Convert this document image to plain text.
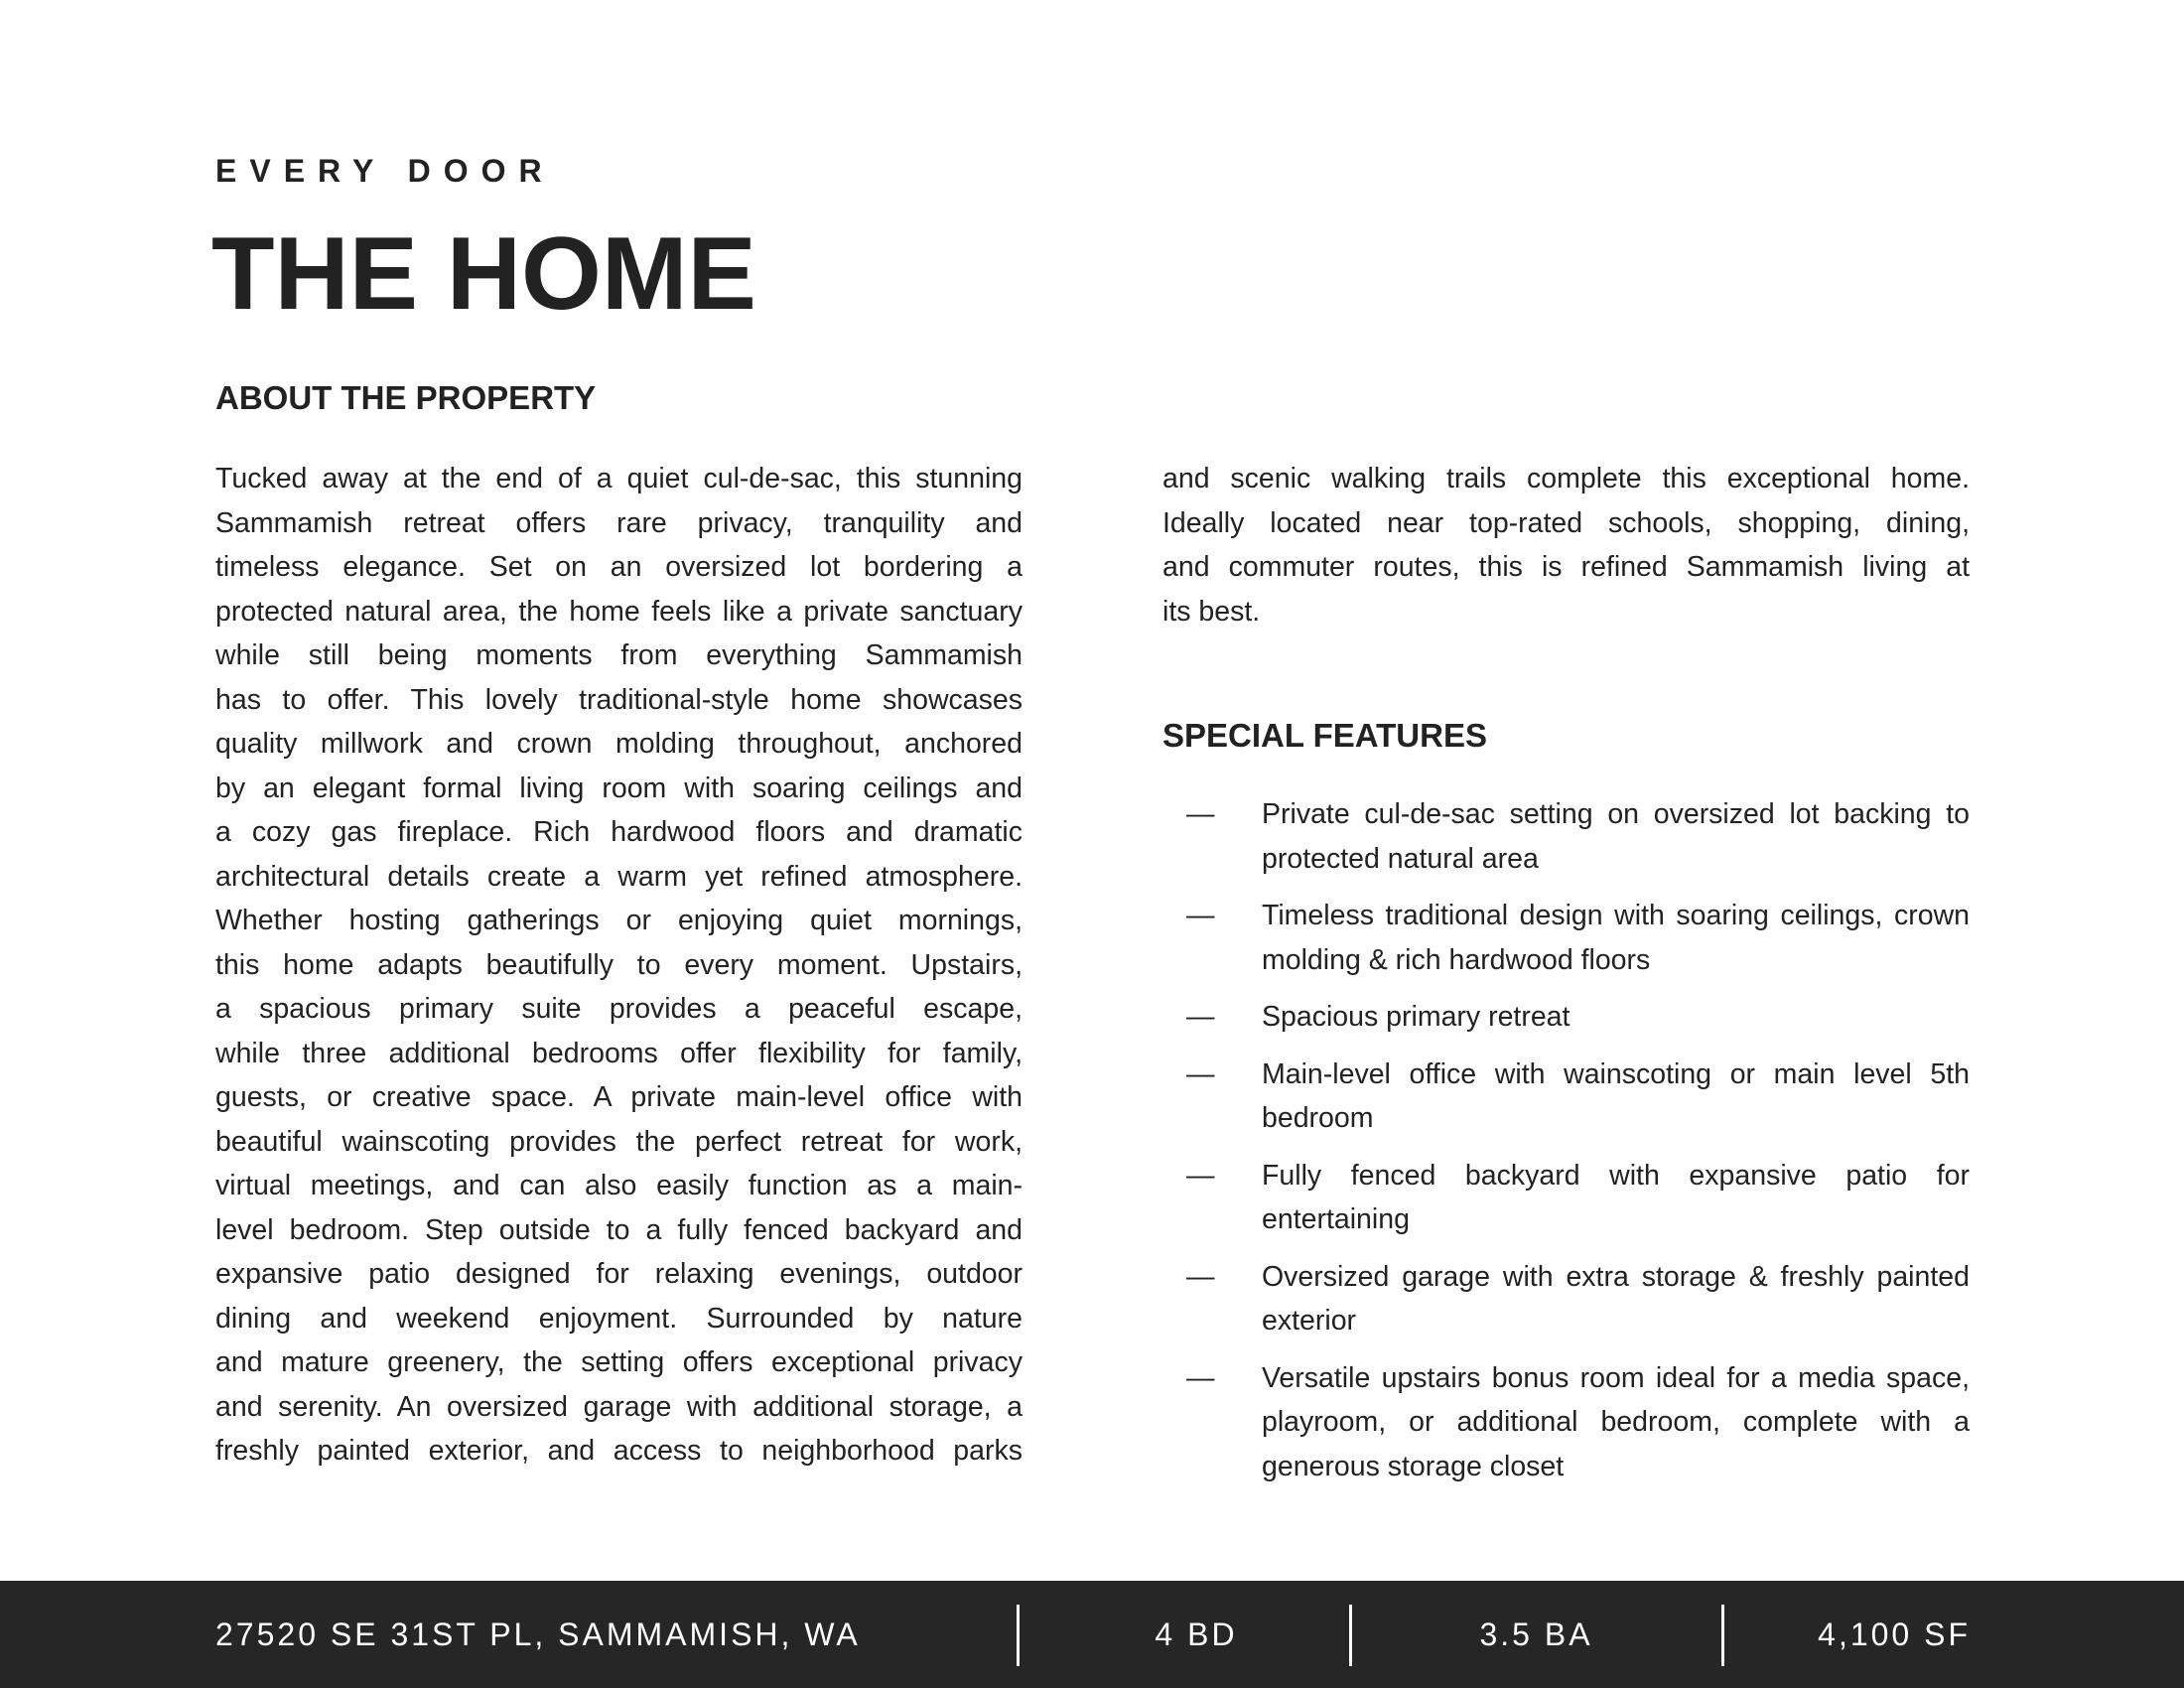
EVERY DOOR
THE HOME
ABOUT THE PROPERTY
Tucked away at the end of a quiet cul-de-sac, this stunning
Sammamish retreat offers rare privacy, tranquility and
timeless elegance. Set on an oversized lot bordering a
protected natural area, the home feels like a private sanctuary
while still being moments from everything Sammamish
has to offer. This lovely traditional-style home showcases
quality millwork and crown molding throughout, anchored
by an elegant formal living room with soaring ceilings and
a cozy gas fireplace. Rich hardwood floors and dramatic
architectural details create a warm yet refined atmosphere.
Whether hosting gatherings or enjoying quiet mornings,
this home adapts beautifully to every moment. Upstairs,
a spacious primary suite provides a peaceful escape,
while three additional bedrooms offer flexibility for family,
guests, or creative space. A private main-level office with
beautiful wainscoting provides the perfect retreat for work,
virtual meetings, and can also easily function as a main-
level bedroom. Step outside to a fully fenced backyard and
expansive patio designed for relaxing evenings, outdoor
dining and weekend enjoyment. Surrounded by nature
and mature greenery, the setting offers exceptional privacy
and serenity. An oversized garage with additional storage, a
freshly painted exterior, and access to neighborhood parks
and scenic walking trails complete this exceptional home.
Ideally located near top-rated schools, shopping, dining,
and commuter routes, this is refined Sammamish living at
its best.
SPECIAL FEATURES
—	Private cul-de-sac setting on oversized lot backing to protected natural area
—	Timeless traditional design with soaring ceilings, crown molding & rich hardwood floors
—	Spacious primary retreat
—	Main-level office with wainscoting or main level 5th bedroom
—	Fully fenced backyard with expansive patio for entertaining
—	Oversized garage with extra storage & freshly painted exterior
—	Versatile upstairs bonus room ideal for a media space, playroom, or additional bedroom, complete with a generous storage closet
27520 SE 31ST PL, SAMMAMISH, WA	4 BD	3.5 BA	4,100 SF
